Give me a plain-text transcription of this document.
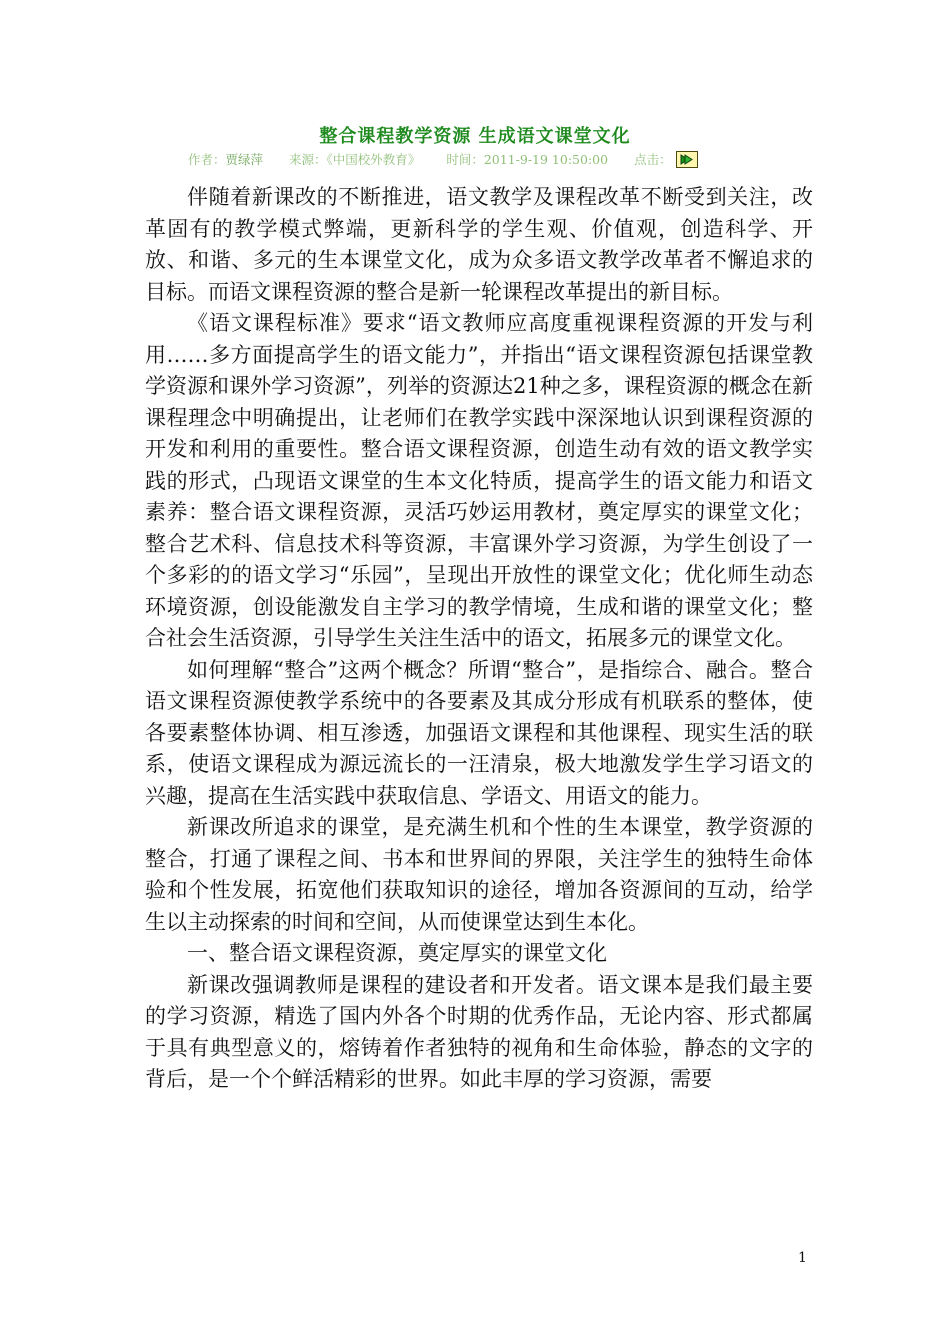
整合课程教学资源 生成语文课堂文化
作者：贾绿萍 来源：《中国校外教育》 时间：2011-9-19 10:50:00 点击：

伴随着新课改的不断推进，语文教学及课程改革不断受到关注，改革固有的教学模式弊端，更新科学的学生观、价值观，创造科学、开放、和谐、多元的生本课堂文化，成为众多语文教学改革者不懈追求的目标。而语文课程资源的整合是新一轮课程改革提出的新目标。

《语文课程标准》要求“语文教师应高度重视课程资源的开发与利用……多方面提高学生的语文能力”，并指出“语文课程资源包括课堂教学资源和课外学习资源”，列举的资源达21种之多，课程资源的概念在新课程理念中明确提出，让老师们在教学实践中深深地认识到课程资源的开发和利用的重要性。整合语文课程资源，创造生动有效的语文教学实践的形式，凸现语文课堂的生本文化特质，提高学生的语文能力和语文素养：整合语文课程资源，灵活巧妙运用教材，奠定厚实的课堂文化；整合艺术科、信息技术科等资源，丰富课外学习资源，为学生创设了一个多彩的的语文学习“乐园”，呈现出开放性的课堂文化；优化师生动态环境资源，创设能激发自主学习的教学情境，生成和谐的课堂文化；整合社会生活资源，引导学生关注生活中的语文，拓展多元的课堂文化。

如何理解“整合”这两个概念？所谓“整合”，是指综合、融合。整合语文课程资源使教学系统中的各要素及其成分形成有机联系的整体，使各要素整体协调、相互渗透，加强语文课程和其他课程、现实生活的联系，使语文课程成为源远流长的一汪清泉，极大地激发学生学习语文的兴趣，提高在生活实践中获取信息、学语文、用语文的能力。

新课改所追求的课堂，是充满生机和个性的生本课堂，教学资源的整合，打通了课程之间、书本和世界间的界限，关注学生的独特生命体验和个性发展，拓宽他们获取知识的途径，增加各资源间的互动，给学生以主动探索的时间和空间，从而使课堂达到生本化。

一、整合语文课程资源，奠定厚实的课堂文化

新课改强调教师是课程的建设者和开发者。语文课本是我们最主要的学习资源，精选了国内外各个时期的优秀作品，无论内容、形式都属于具有典型意义的，熔铸着作者独特的视角和生命体验，静态的文字的背后，是一个个鲜活精彩的世界。如此丰厚的学习资源，需要

1
